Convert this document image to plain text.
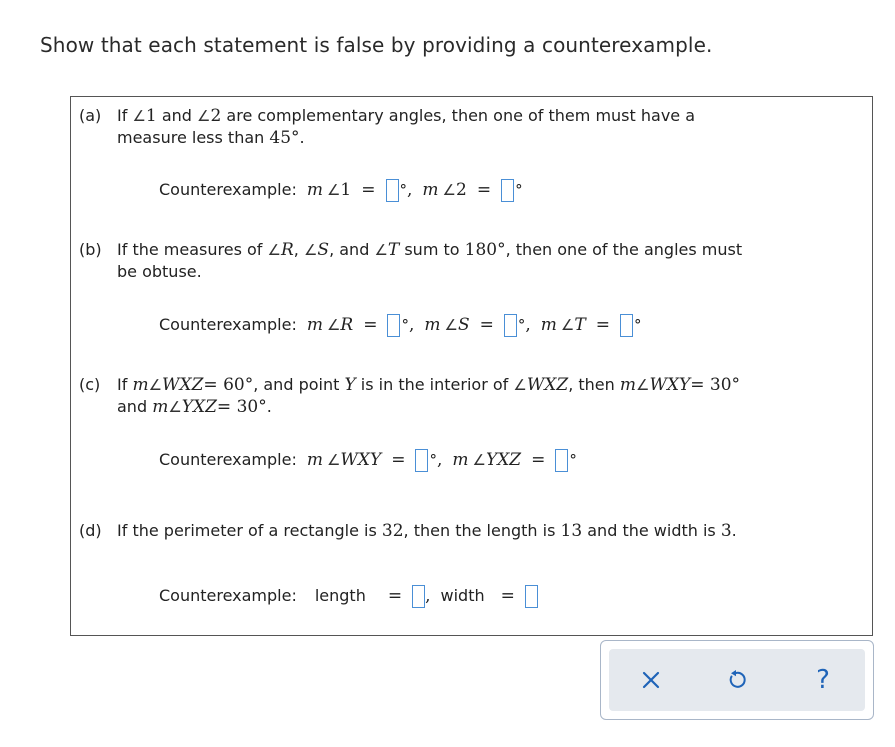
Show that each statement is false by providing a counterexample.
(a) If ∠1 and ∠2 are complementary angles, then one of them must have a
measure less than 45°.
Counterexample: m ∠ 1 = ° , m ∠ 2 = °
(b) If the measures of ∠R, ∠S, and ∠T sum to 180°, then one of the angles must
be obtuse.
Counterexample: m ∠ R = ° , m ∠ S = ° , m ∠ T = °
(c) If m∠WXZ= 60°, and point Y is in the interior of ∠WXZ, then m∠WXY= 30°
and m∠YXZ= 30°.
Counterexample: m ∠ WXY = ° , m ∠ YXZ = °
(d) If the perimeter of a rectangle is 32, then the length is 13 and the width is 3.
Counterexample: length = , width =
?
